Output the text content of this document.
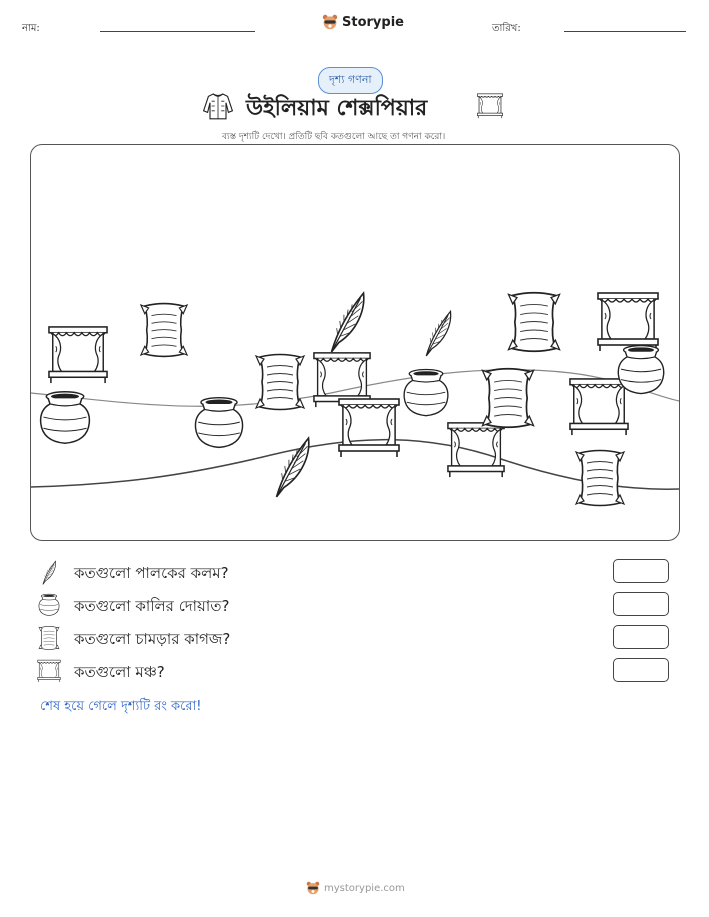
নাম:	Storypie	তারিখ:
দৃশ্য গণনা
উইলিয়াম শেক্সপিয়ার
ব্যস্ত দৃশ্যটি দেখো। প্রতিটি ছবি কতগুলো আছে তা গণনা করো।
কতগুলো পালকের কলম?
কতগুলো কালির দোয়াত?
কতগুলো চামড়ার কাগজ?
কতগুলো মঞ্চ?
শেষ হয়ে গেলে দৃশ্যটি রং করো!
mystorypie.com
